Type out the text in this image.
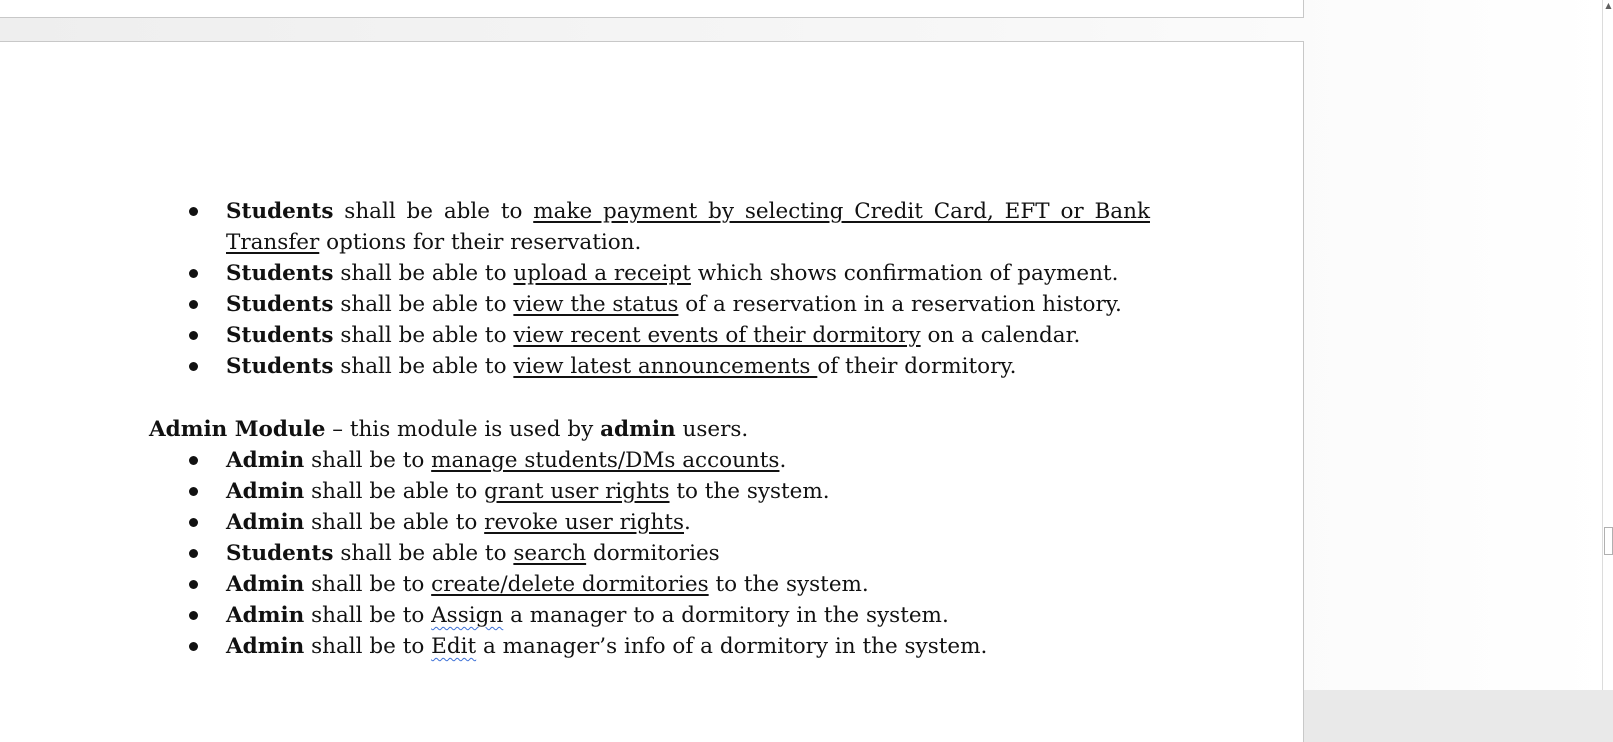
Students shall be able to make payment by selecting Credit Card, EFT or Bank
Transfer options for their reservation.
Students shall be able to upload a receipt which shows confirmation of payment.
Students shall be able to view the status of a reservation in a reservation history.
Students shall be able to view recent events of their dormitory on a calendar.
Students shall be able to view latest announcements of their dormitory.
Admin Module – this module is used by admin users.
Admin shall be to manage students/DMs accounts.
Admin shall be able to grant user rights to the system.
Admin shall be able to revoke user rights.
Students shall be able to search dormitories
Admin shall be to create/delete dormitories to the system.
Admin shall be to Assign a manager to a dormitory in the system.
Admin shall be to Edit a manager’s info of a dormitory in the system.
▲
